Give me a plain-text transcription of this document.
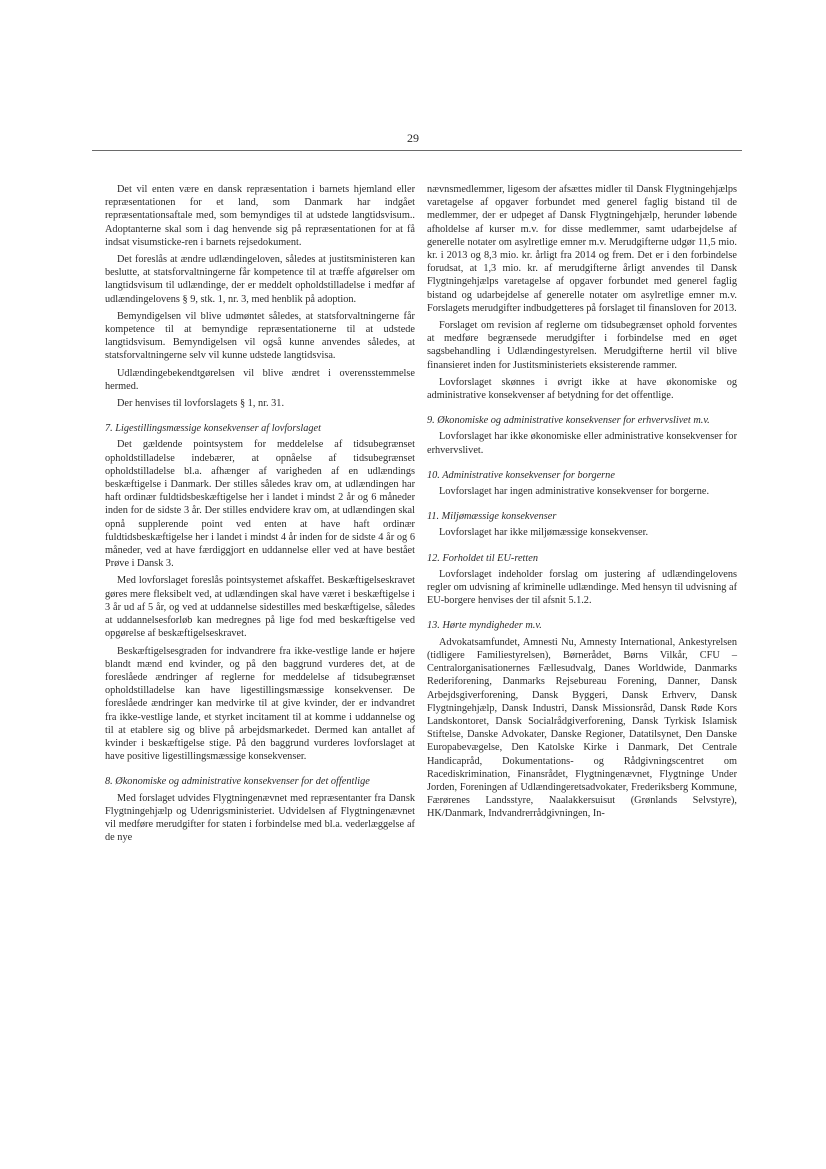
29

Det vil enten være en dansk repræsentation i barnets hjemland eller repræsentationen for et land, som Danmark har indgået repræsentationsaftale med, som bemyndiges til at udstede langtidsvisum.. Adoptanterne skal som i dag henvende sig på repræsentationen for at få indsat visumsticke-ren i barnets rejsedokument.

Det foreslås at ændre udlændingeloven, således at justitsministeren kan beslutte, at statsforvaltningerne får kompetence til at træffe afgørelser om langtidsvisum til udlændinge, der er meddelt opholdstilladelse i medfør af udlændingelovens § 9, stk. 1, nr. 3, med henblik på adoption.

Bemyndigelsen vil blive udmøntet således, at statsforvaltningerne får kompetence til at bemyndige repræsentationerne til at udstede langtidsvisum. Bemyndigelsen vil også kunne anvendes således, at statsforvaltningerne selv vil kunne udstede langtidsvisa.

Udlændingebekendtgørelsen vil blive ændret i overensstemmelse hermed.

Der henvises til lovforslagets § 1, nr. 31.

7. Ligestillingsmæssige konsekvenser af lovforslaget

Det gældende pointsystem for meddelelse af tidsubegrænset opholdstilladelse indebærer, at opnåelse af tidsubegrænset opholdstilladelse bl.a. afhænger af varigheden af en udlændings beskæftigelse i Danmark. Der stilles således krav om, at udlændingen har haft ordinær fuldtidsbeskæftigelse her i landet i mindst 2 år og 6 måneder inden for de sidste 3 år. Der stilles endvidere krav om, at udlændingen skal opnå supplerende point ved enten at have haft ordinær fuldtidsbeskæftigelse her i landet i mindst 4 år inden for de sidste 4 år og 6 måneder, ved at have færdiggjort en uddannelse eller ved at have bestået Prøve i Dansk 3.

Med lovforslaget foreslås pointsystemet afskaffet. Beskæftigelseskravet gøres mere fleksibelt ved, at udlændingen skal have været i beskæftigelse i 3 år ud af 5 år, og ved at uddannelse sidestilles med beskæftigelse, således at uddannelsesforløb kan medregnes på lige fod med beskæftigelse ved opgørelse af beskæftigelseskravet.

Beskæftigelsesgraden for indvandrere fra ikke-vestlige lande er højere blandt mænd end kvinder, og på den baggrund vurderes det, at de foreslåede ændringer af reglerne for meddelelse af tidsubegrænset opholdstilladelse kan have ligestillingsmæssige konsekvenser. De foreslåede ændringer kan medvirke til at give kvinder, der er indvandret fra ikke-vestlige lande, et styrket incitament til at komme i uddannelse og til at etablere sig og blive på arbejdsmarkedet. Dermed kan antallet af kvinder i beskæftigelse stige. På den baggrund vurderes lovforslaget at have positive ligestillingsmæssige konsekvenser.

8. Økonomiske og administrative konsekvenser for det offentlige

Med forslaget udvides Flygtningenævnet med repræsentanter fra Dansk Flygtningehjælp og Udenrigsministeriet. Udvidelsen af Flygtningenævnet vil medføre merudgifter for staten i forbindelse med bl.a. vederlæggelse af de nye

nævnsmedlemmer, ligesom der afsættes midler til Dansk Flygtningehjælps varetagelse af opgaver forbundet med generel faglig bistand til de medlemmer, der er udpeget af Dansk Flygtningehjælp, herunder løbende afholdelse af kurser m.v. for disse medlemmer, samt udarbejdelse af generelle notater om asylretlige emner m.v. Merudgifterne udgør 11,5 mio. kr. i 2013 og 8,3 mio. kr. årligt fra 2014 og frem. Det er i den forbindelse forudsat, at 1,3 mio. kr. af merudgifterne årligt anvendes til Dansk Flygtningehjælps varetagelse af opgaver forbundet med generel faglig bistand og udarbejdelse af generelle notater om asylretlige emner m.v. Forslagets merudgifter indbudgetteres på forslaget til finansloven for 2013.

Forslaget om revision af reglerne om tidsubegrænset ophold forventes at medføre begrænsede merudgifter i forbindelse med en øget sagsbehandling i Udlændingestyrelsen. Merudgifterne hertil vil blive finansieret inden for Justitsministeriets eksisterende rammer.

Lovforslaget skønnes i øvrigt ikke at have økonomiske og administrative konsekvenser af betydning for det offentlige.

9. Økonomiske og administrative konsekvenser for erhvervslivet m.v.

Lovforslaget har ikke økonomiske eller administrative konsekvenser for erhvervslivet.

10. Administrative konsekvenser for borgerne

Lovforslaget har ingen administrative konsekvenser for borgerne.

11. Miljømæssige konsekvenser

Lovforslaget har ikke miljømæssige konsekvenser.

12. Forholdet til EU-retten

Lovforslaget indeholder forslag om justering af udlændingelovens regler om udvisning af kriminelle udlændinge. Med hensyn til udvisning af EU-borgere henvises der til afsnit 5.1.2.

13. Hørte myndigheder m.v.

Advokatsamfundet, Amnesti Nu, Amnesty International, Ankestyrelsen (tidligere Familiestyrelsen), Børnerådet, Børns Vilkår, CFU – Centralorganisationernes Fællesudvalg, Danes Worldwide, Danmarks Rederiforening, Danmarks Rejsebureau Forening, Danner, Dansk Arbejdsgiverforening, Dansk Byggeri, Dansk Erhverv, Dansk Flygtningehjælp, Dansk Industri, Dansk Missionsråd, Dansk Røde Kors Landskontoret, Dansk Socialrådgiverforening, Dansk Tyrkisk Islamisk Stiftelse, Danske Advokater, Danske Regioner, Datatilsynet, Den Danske Europabevægelse, Den Katolske Kirke i Danmark, Det Centrale Handicapråd, Dokumentations- og Rådgivningscentret om Racediskrimination, Finansrådet, Flygtningenævnet, Flygtninge Under Jorden, Foreningen af Udlændingeretsadvokater, Frederiksberg Kommune, Færørenes Landsstyre, Naalakkersuisut (Grønlands Selvstyre), HK/Danmark, Indvandrerrådgivningen, In-
